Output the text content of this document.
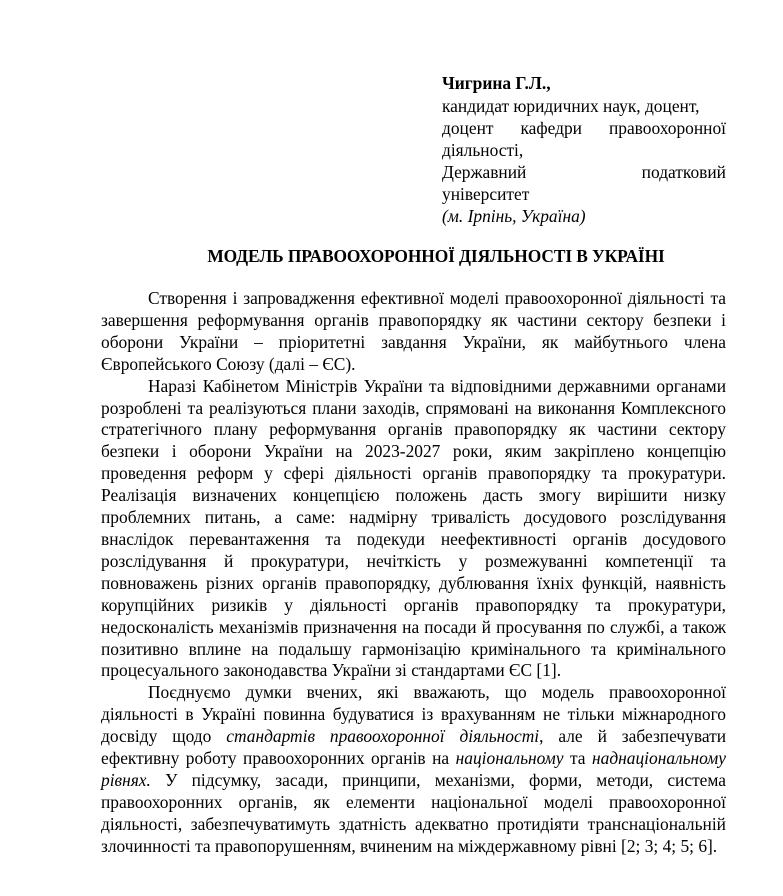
Чигрина Г.Л.,
кандидат юридичних наук, доцент,
доцент кафедри правоохоронної
діяльності,
Державний податковий
університет
(м. Ірпінь, Україна)
МОДЕЛЬ ПРАВООХОРОННОЇ ДІЯЛЬНОСТІ В УКРАЇНІ

Створення і запровадження ефективної моделі правоохоронної діяльності та завершення реформування органів правопорядку як частини сектору безпеки і оборони України – пріоритетні завдання України, як майбутнього члена Європейського Союзу (далі – ЄС).

Наразі Кабінетом Міністрів України та відповідними державними органами розроблені та реалізуються плани заходів, спрямовані на виконання Комплексного стратегічного плану реформування органів правопорядку як частини сектору безпеки і оборони України на 2023-2027 роки, яким закріплено концепцію проведення реформ у сфері діяльності органів правопорядку та прокуратури. Реалізація визначених концепцією положень дасть змогу вирішити низку проблемних питань, а саме: надмірну тривалість досудового розслідування внаслідок перевантаження та подекуди неефективності органів досудового розслідування й прокуратури, нечіткість у розмежуванні компетенції та повноважень різних органів правопорядку, дублювання їхніх функцій, наявність корупційних ризиків у діяльності органів правопорядку та прокуратури, недосконалість механізмів призначення на посади й просування по службі, а також позитивно вплине на подальшу гармонізацію кримінального та кримінального процесуального законодавства України зі стандартами ЄС [1].

Поєднуємо думки вчених, які вважають, що модель правоохоронної діяльності в Україні повинна будуватися із врахуванням не тільки міжнародного досвіду щодо стандартів правоохоронної діяльності, але й забезпечувати ефективну роботу правоохоронних органів на національному та наднаціональному рівнях. У підсумку, засади, принципи, механізми, форми, методи, система правоохоронних органів, як елементи національної моделі правоохоронної діяльності, забезпечуватимуть здатність адекватно протидіяти транснаціональній злочинності та правопорушенням, вчиненим на міждержавному рівні [2; 3; 4; 5; 6].
